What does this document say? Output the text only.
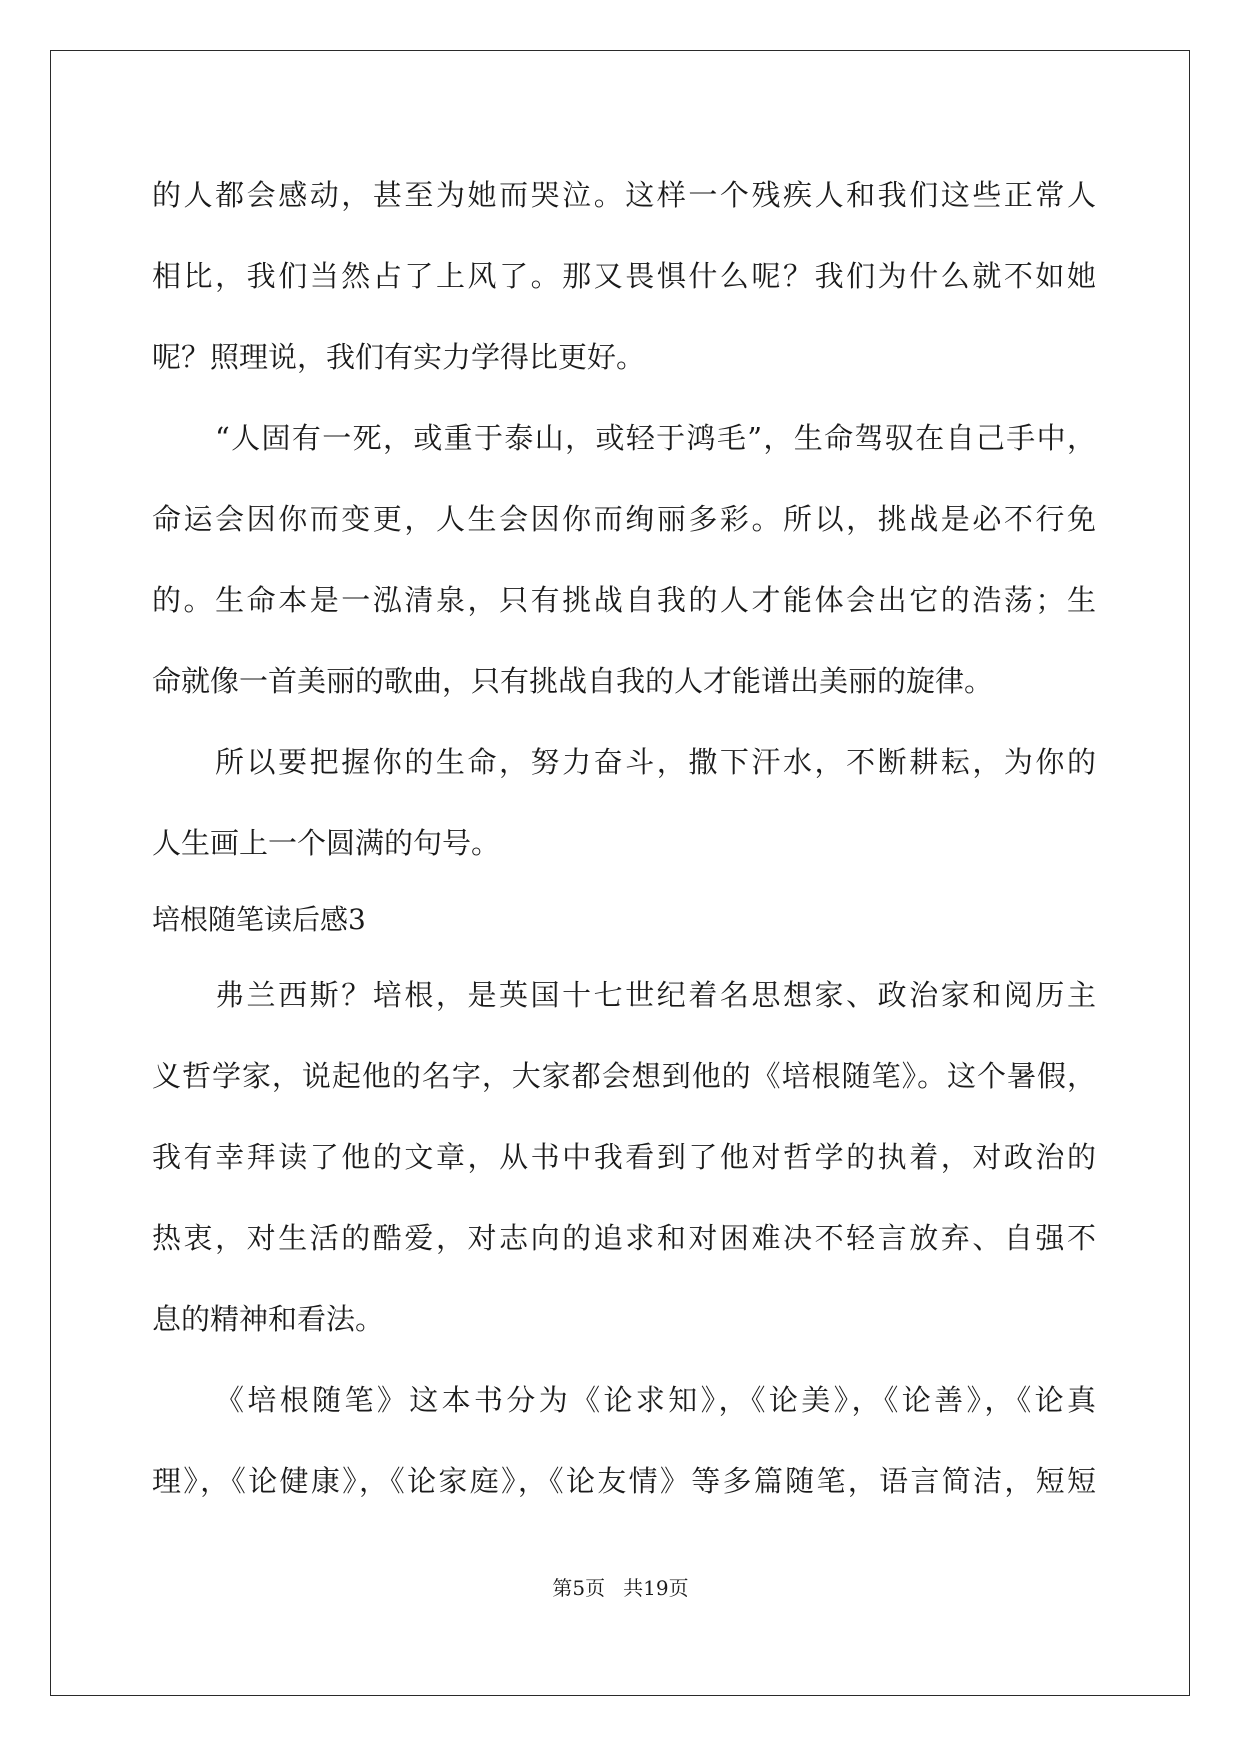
的人都会感动，甚至为她而哭泣。这样一个残疾人和我们这些正常人
相比，我们当然占了上风了。那又畏惧什么呢？我们为什么就不如她
呢？照理说，我们有实力学得比更好。
“人固有一死，或重于泰山，或轻于鸿毛”，生命驾驭在自己手中，
命运会因你而变更，人生会因你而绚丽多彩。所以，挑战是必不行免
的。生命本是一泓清泉，只有挑战自我的人才能体会出它的浩荡；生
命就像一首美丽的歌曲，只有挑战自我的人才能谱出美丽的旋律。
所以要把握你的生命，努力奋斗，撒下汗水，不断耕耘，为你的
人生画上一个圆满的句号。
培根随笔读后感3
弗兰西斯？培根，是英国十七世纪着名思想家、政治家和阅历主
义哲学家，说起他的名字，大家都会想到他的《培根随笔》。这个暑假，
我有幸拜读了他的文章，从书中我看到了他对哲学的执着，对政治的
热衷，对生活的酷爱，对志向的追求和对困难决不轻言放弃、自强不
息的精神和看法。
《培根随笔》这本书分为《论求知》，《论美》，《论善》，《论真
理》，《论健康》，《论家庭》，《论友情》等多篇随笔，语言简洁，短短
第5页 共19页
